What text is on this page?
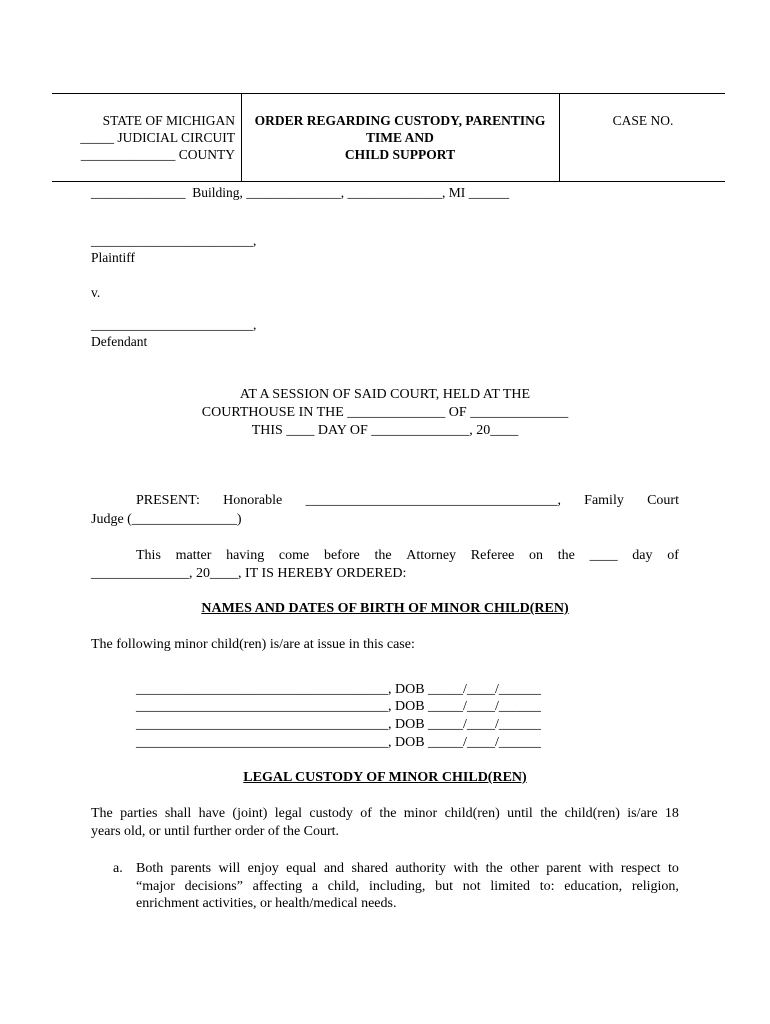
STATE OF MICHIGAN
_____ JUDICIAL CIRCUIT
______________ COUNTY
ORDER REGARDING CUSTODY, PARENTING
TIME AND
CHILD SUPPORT
CASE NO.
______________  Building, ______________, ______________, MI ______
________________________,
Plaintiff
v.
________________________,
Defendant
AT A SESSION OF SAID COURT, HELD AT THE
COURTHOUSE IN THE ______________ OF ______________
THIS ____ DAY OF ______________, 20____
PRESENT: Honorable ____________________________________, Family Court
Judge (_______________)
This matter having come before the Attorney Referee on the ____ day of
______________, 20____, IT IS HEREBY ORDERED:
NAMES AND DATES OF BIRTH OF MINOR CHILD(REN)
The following minor child(ren) is/are at issue in this case:
____________________________________, DOB _____/____/______
____________________________________, DOB _____/____/______
____________________________________, DOB _____/____/______
____________________________________, DOB _____/____/______
LEGAL CUSTODY OF MINOR CHILD(REN)
The parties shall have (joint) legal custody of the minor child(ren) until the child(ren) is/are 18
years old, or until further order of the Court.
a. Both parents will enjoy equal and shared authority with the other parent with respect to
“major decisions” affecting a child, including, but not limited to: education, religion,
enrichment activities, or health/medical needs.
